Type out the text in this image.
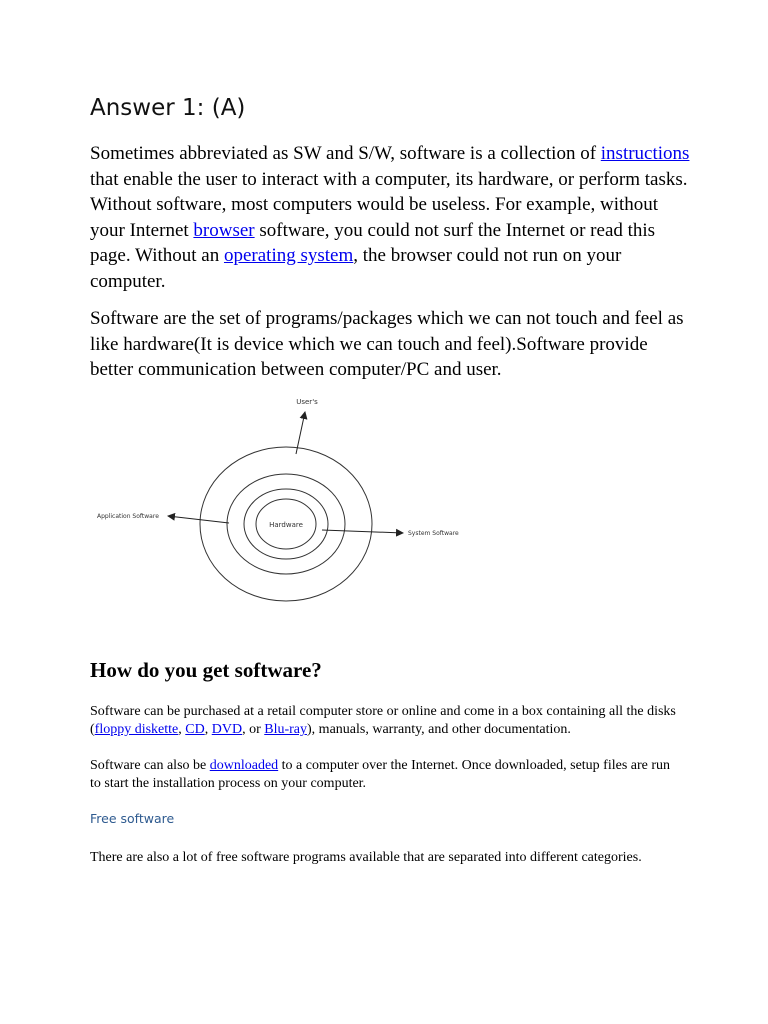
Answer 1: (A)

Sometimes abbreviated as SW and S/W, software is a collection of instructions that enable the user to interact with a computer, its hardware, or perform tasks. Without software, most computers would be useless. For example, without your Internet browser software, you could not surf the Internet or read this page. Without an operating system, the browser could not run on your computer.

Software are the set of programs/packages which we can not touch and feel as like hardware(It is device which we can touch and feel).Software provide better communication between computer/PC and user.

Hardware
User's
Application Software
System Software
How do you get software?

Software can be purchased at a retail computer store or online and come in a box containing all the disks (floppy diskette, CD, DVD, or Blu-ray), manuals, warranty, and other documentation.

Software can also be downloaded to a computer over the Internet. Once downloaded, setup files are run to start the installation process on your computer.

Free software

There are also a lot of free software programs available that are separated into different categories.
